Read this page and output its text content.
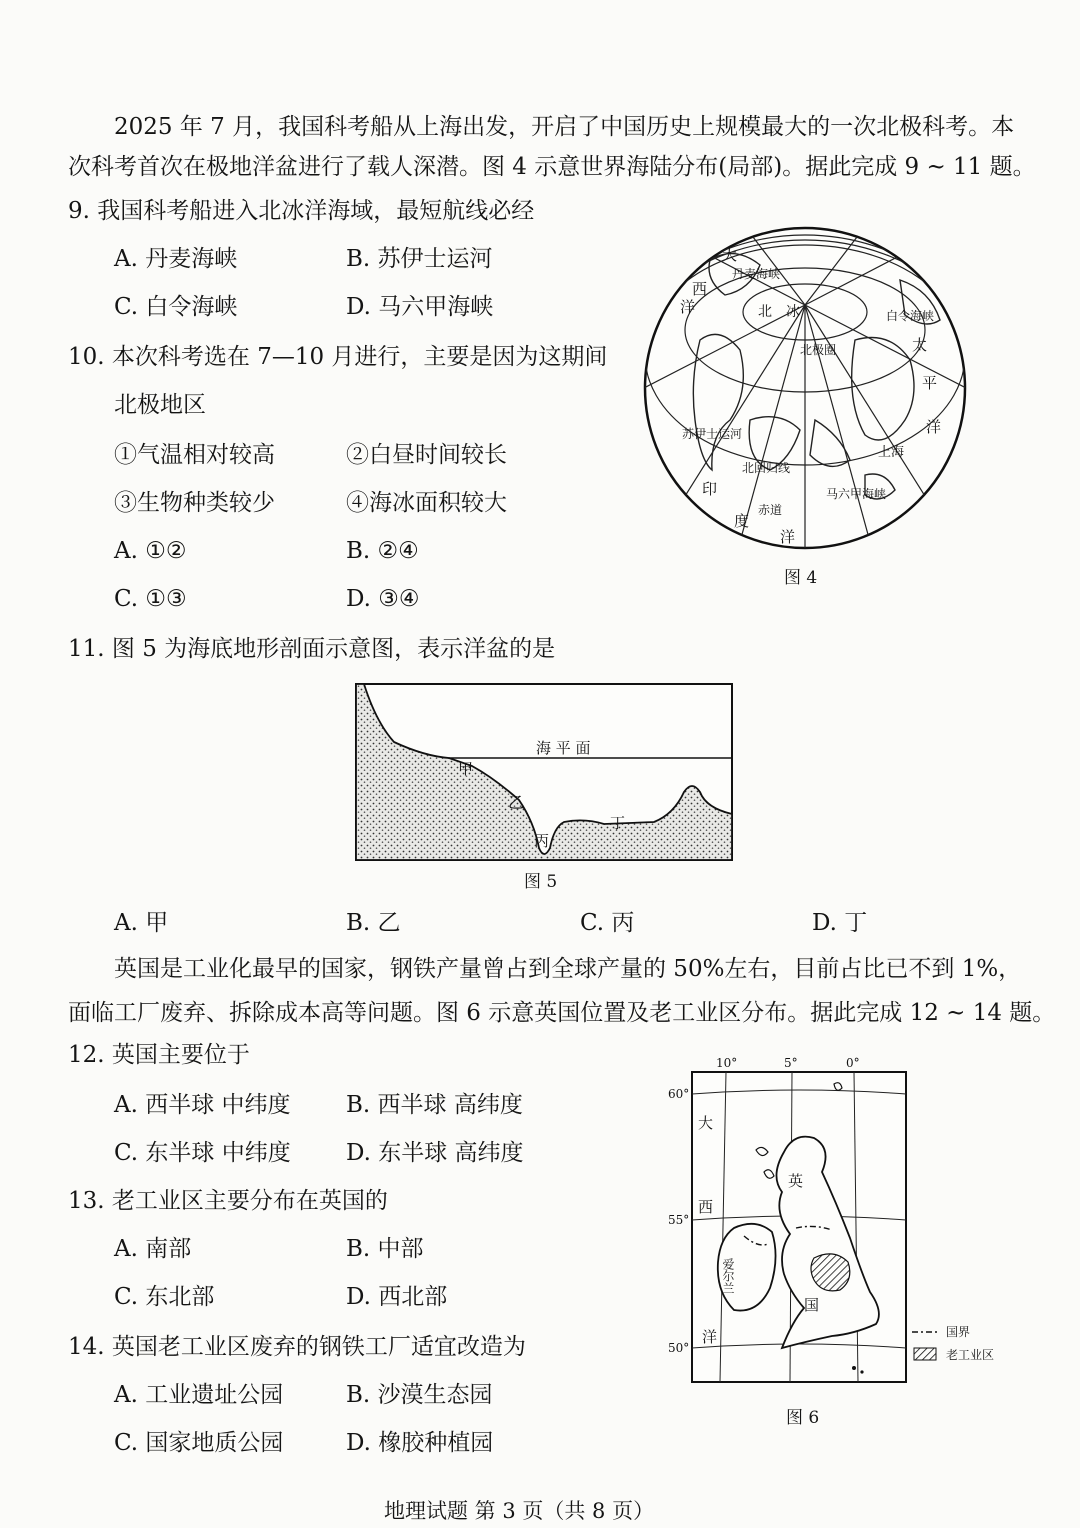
2025 年 7 月，我国科考船从上海出发，开启了中国历史上规模最大的一次北极科考。本
次科考首次在极地洋盆进行了载人深潜。图 4 示意世界海陆分布(局部)。据此完成 9 ~ 11 题。
9. 我国科考船进入北冰洋海域，最短航线必经
A. 丹麦海峡	B. 苏伊士运河
C. 白令海峡	D. 马六甲海峡
10. 本次科考选在 7—10 月进行，主要是因为这期间
北极地区
①气温相对较高	②白昼时间较长
③生物种类较少	④海冰面积较大
A. ①②	B. ②④
C. ①③	D. ③④
大
西
洋
丹麦海峡
北 冰
北极圈
白令海峡
太
平
洋
苏伊士运河
上海
北回归线
马六甲海峡
赤道
印
度
洋
图 4
11. 图 5 为海底地形剖面示意图，表示洋盆的是
海 平 面
甲
乙
丙
丁
图 5
A. 甲	B. 乙	C. 丙	D. 丁
英国是工业化最早的国家，钢铁产量曾占到全球产量的 50%左右，目前占比已不到 1%，
面临工厂废弃、拆除成本高等问题。图 6 示意英国位置及老工业区分布。据此完成 12 ~ 14 题。
12. 英国主要位于
A. 西半球 中纬度 B. 西半球 高纬度
C. 东半球 中纬度 D. 东半球 高纬度
13. 老工业区主要分布在英国的
A. 南部	B. 中部
C. 东北部	D. 西北部
14. 英国老工业区废弃的钢铁工厂适宜改造为
A. 工业遗址公园	B. 沙漠生态园
C. 国家地质公园	D. 橡胶种植园
10°	5°	0°
60°
55°
50°
大
西
洋
英
国
爱尔兰
国界
老工业区
图 6
地理试题 第 3 页（共 8 页）
